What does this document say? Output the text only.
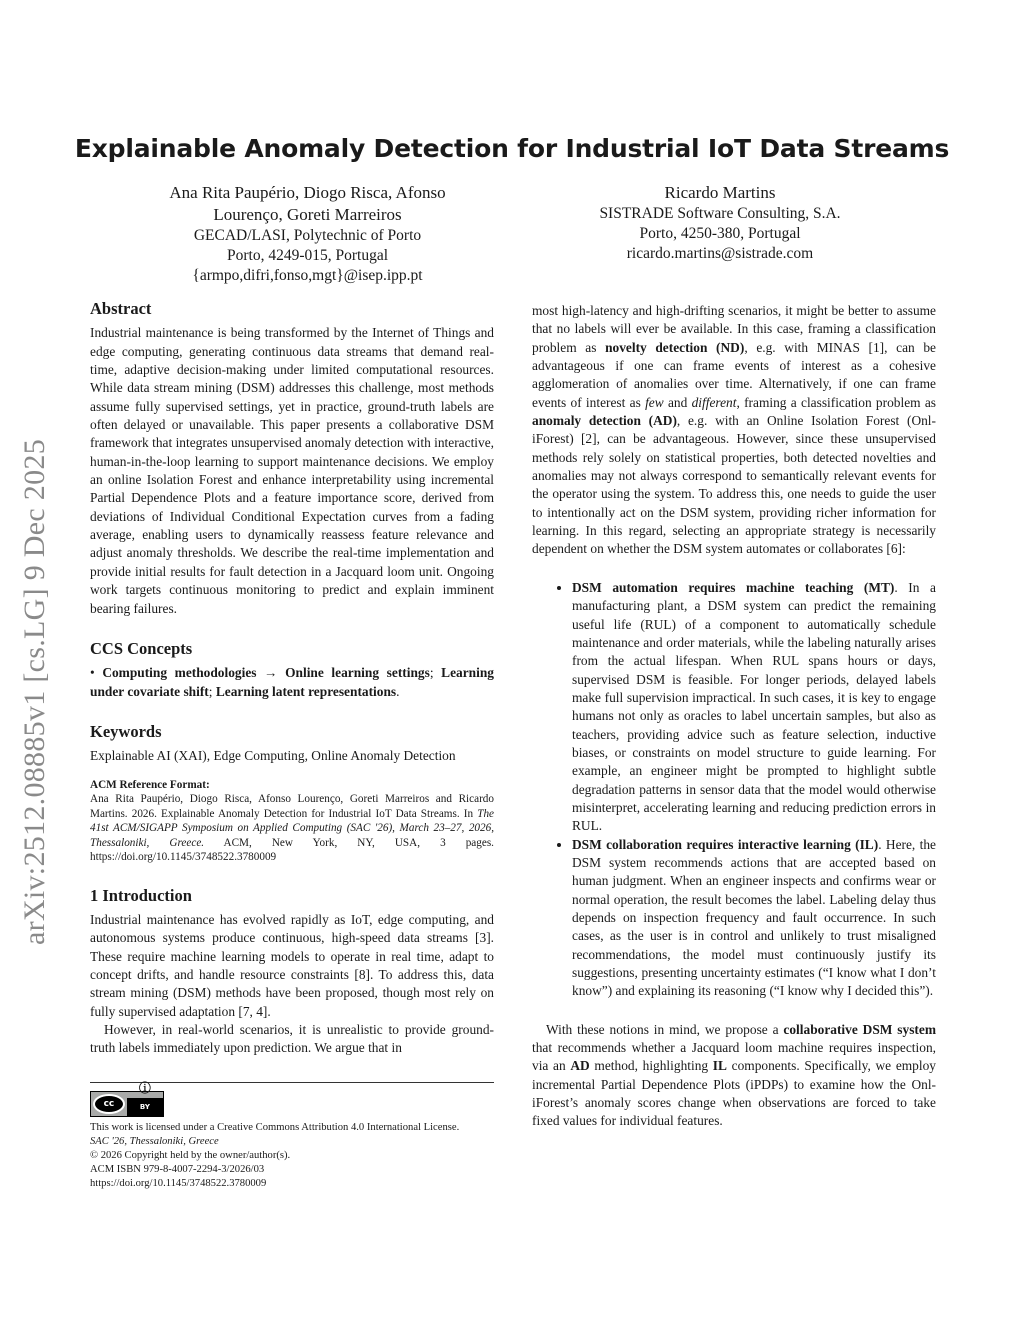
arXiv:2512.08885v1 [cs.LG] 9 Dec 2025
Explainable Anomaly Detection for Industrial IoT Data Streams
Ana Rita Paupério, Diogo Risca, Afonso
Lourenço, Goreti Marreiros
GECAD/LASI, Polytechnic of Porto
Porto, 4249-015, Portugal
{armpo,difri,fonso,mgt}@isep.ipp.pt
Ricardo Martins
SISTRADE Software Consulting, S.A.
Porto, 4250-380, Portugal
ricardo.martins@sistrade.com
Abstract

Industrial maintenance is being transformed by the Internet of Things and edge computing, generating continuous data streams that demand real-time, adaptive decision-making under limited computational resources. While data stream mining (DSM) addresses this challenge, most methods assume fully supervised settings, yet in practice, ground-truth labels are often delayed or unavailable. This paper presents a collaborative DSM framework that integrates unsupervised anomaly detection with interactive, human-in-the-loop learning to support maintenance decisions. We employ an online Isolation Forest and enhance interpretability using incremental Partial Dependence Plots and a feature importance score, derived from deviations of Individual Conditional Expectation curves from a fading average, enabling users to dynamically reassess feature relevance and adjust anomaly thresholds. We describe the real-time implementation and provide initial results for fault detection in a Jacquard loom unit. Ongoing work targets continuous monitoring to predict and explain imminent bearing failures.

CCS Concepts

• Computing methodologies → Online learning settings; Learning under covariate shift; Learning latent representations.

Keywords

Explainable AI (XAI), Edge Computing, Online Anomaly Detection

ACM Reference Format:

Ana Rita Paupério, Diogo Risca, Afonso Lourenço, Goreti Marreiros and Ricardo Martins. 2026. Explainable Anomaly Detection for Industrial IoT Data Streams. In The 41st ACM/SIGAPP Symposium on Applied Computing (SAC '26), March 23–27, 2026, Thessaloniki, Greece. ACM, New York, NY, USA, 3 pages. https://doi.org/10.1145/3748522.3780009

1 Introduction

Industrial maintenance has evolved rapidly as IoT, edge computing, and autonomous systems produce continuous, high-speed data streams [3]. These require machine learning models to operate in real time, adapt to concept drifts, and handle resource constraints [8]. To address this, data stream mining (DSM) methods have been proposed, though most rely on fully supervised adaptation [7, 4].

However, in real-world scenarios, it is unrealistic to provide ground-truth labels immediately upon prediction. We argue that in

cc
ⓘ
BY
This work is licensed under a Creative Commons Attribution 4.0 International License.
SAC '26, Thessaloniki, Greece
© 2026 Copyright held by the owner/author(s).
ACM ISBN 979-8-4007-2294-3/2026/03
https://doi.org/10.1145/3748522.3780009

most high-latency and high-drifting scenarios, it might be better to assume that no labels will ever be available. In this case, framing a classification problem as novelty detection (ND), e.g. with MINAS [1], can be advantageous if one can frame events of interest as a cohesive agglomeration of anomalies over time. Alternatively, if one can frame events of interest as few and different, framing a classification problem as anomaly detection (AD), e.g. with an Online Isolation Forest (Onl-iForest) [2], can be advantageous. However, since these unsupervised methods rely solely on statistical properties, both detected novelties and anomalies may not always correspond to semantically relevant events for the operator using the system. To address this, one needs to guide the user to intentionally act on the DSM system, providing richer information for learning. In this regard, selecting an appropriate strategy is necessarily dependent on whether the DSM system automates or collaborates [6]:

• DSM automation requires machine teaching (MT). In a manufacturing plant, a DSM system can predict the remaining useful life (RUL) of a component to automatically schedule maintenance and order materials, while the labeling naturally arises from the actual lifespan. When RUL spans hours or days, supervised DSM is feasible. For longer periods, delayed labels make full supervision impractical. In such cases, it is key to engage humans not only as oracles to label uncertain samples, but also as teachers, providing advice such as feature selection, inductive biases, or constraints on model structure to guide learning. For example, an engineer might be prompted to highlight subtle degradation patterns in sensor data that the model would otherwise misinterpret, accelerating learning and reducing prediction errors in RUL.
• DSM collaboration requires interactive learning (IL). Here, the DSM system recommends actions that are accepted based on human judgment. When an engineer inspects and confirms wear or normal operation, the result becomes the label. Labeling delay thus depends on inspection frequency and fault occurrence. In such cases, as the user is in control and unlikely to trust misaligned recommendations, the model must continuously justify its suggestions, presenting uncertainty estimates (“I know what I don’t know”) and explaining its reasoning (“I know why I decided this”).

With these notions in mind, we propose a collaborative DSM system that recommends whether a Jacquard loom machine requires inspection, via an AD method, highlighting IL components. Specifically, we employ incremental Partial Dependence Plots (iPDPs) to examine how the Onl-iForest’s anomaly scores change when observations are forced to take fixed values for individual features.
